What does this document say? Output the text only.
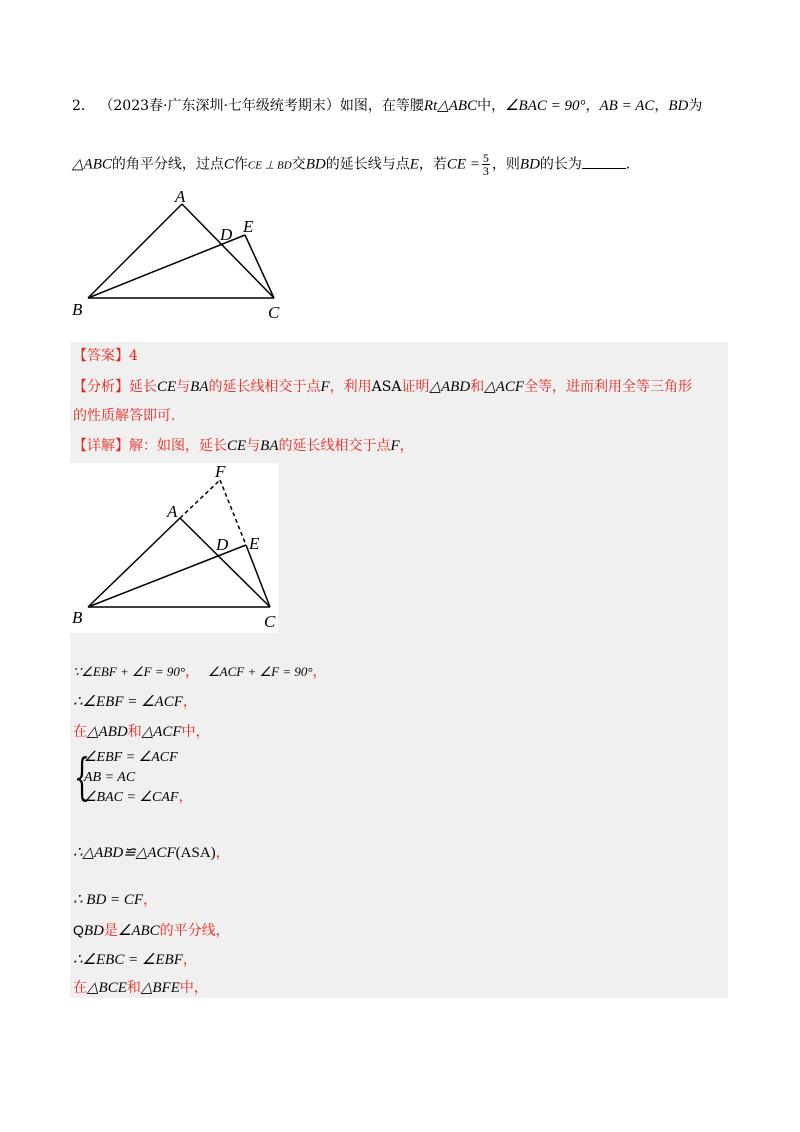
2． （2023春·广东深圳·七年级统考期末）如图，在等腰Rt△ABC中，∠BAC = 90°，AB = AC，BD为
△ABC的角平分线，过点C作CE ⊥ BD交BD的延长线与点E，若CE = $\frac{5}{3}$ ，则BD的长为	.
A
B	C
D E
【答案】4
【分析】延长CE与BA的延长线相交于点F，利用ASA证明△ABD和△ACF全等，进而利用全等三角形
的性质解答即可.
【详解】解：如图，延长CE与BA的延长线相交于点F，
F
A
B	C
D E
∵∠EBF + ∠F = 90°， ∠ACF + ∠F = 90°，
∴∠EBF = ∠ACF，
在△ABD和△ACF中，
{
∠EBF = ∠ACF
AB = AC
∠BAC = ∠CAF，
∴△ABD≌△ACF(ASA)，
∴ BD = CF，
QBD是∠ABC的平分线，
∴∠EBC = ∠EBF，
在△BCE和△BFE中，
